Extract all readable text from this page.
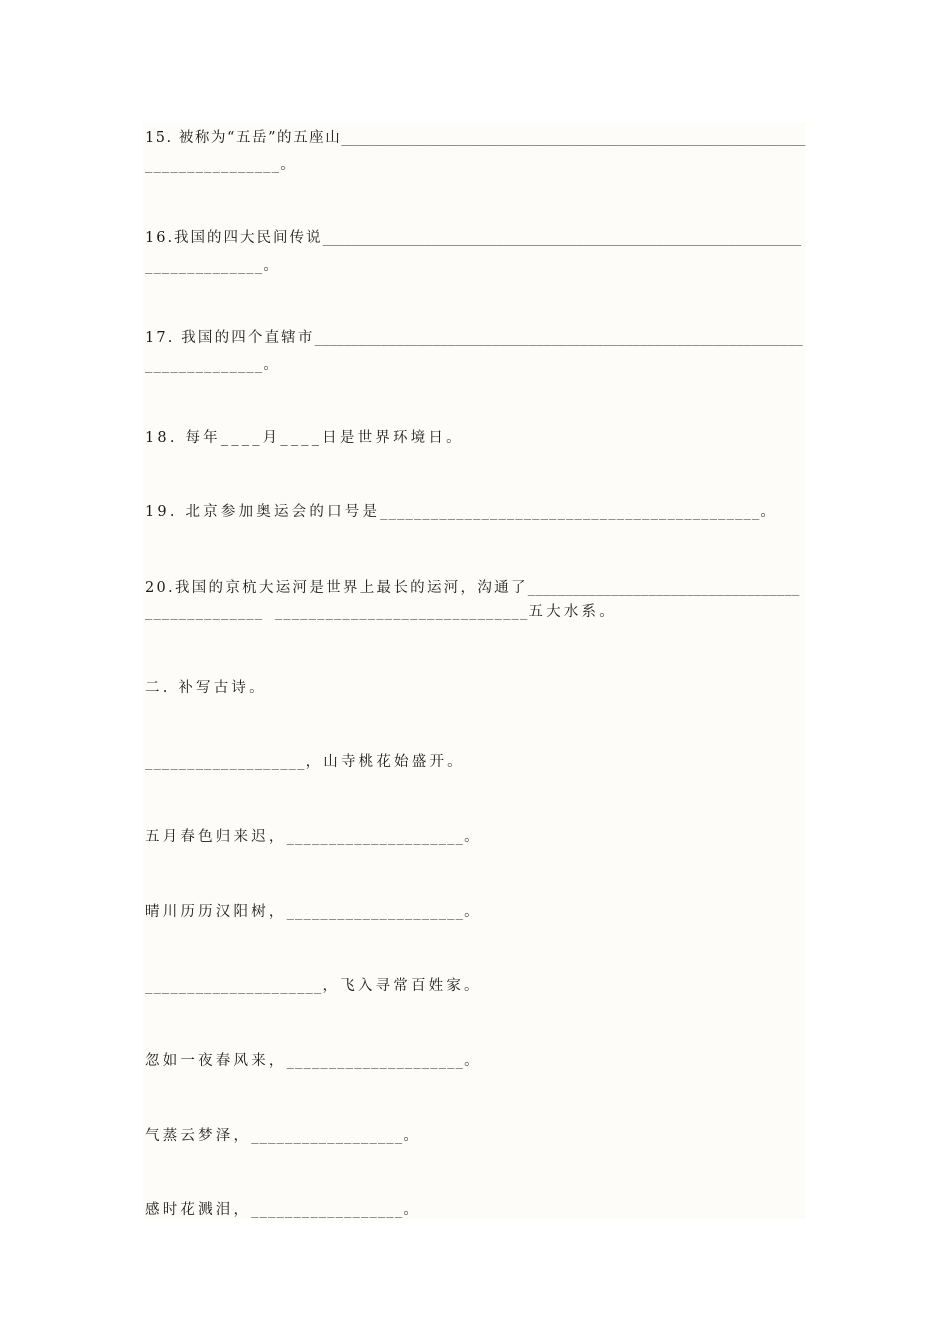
15. 被称为“五岳”的五座山________________________________________________________________
________________。
16.我国的四大民间传说__________________________________________________________________
______________。
17. 我国的四个直辖市__________________________________________________________________
______________。
18. 每年____月____日是世界环境日。
19. 北京参加奥运会的口号是_____________________________________________。
20.我国的京杭大运河是世界上最长的运河，沟通了____________________________________
______________  ______________________________五大水系。
二. 补写古诗。
___________________，山寺桃花始盛开。
五月春色归来迟，_____________________。
晴川历历汉阳树，_____________________。
_____________________，飞入寻常百姓家。
忽如一夜春风来，_____________________。
气蒸云梦泽，__________________。
感时花溅泪，__________________。
